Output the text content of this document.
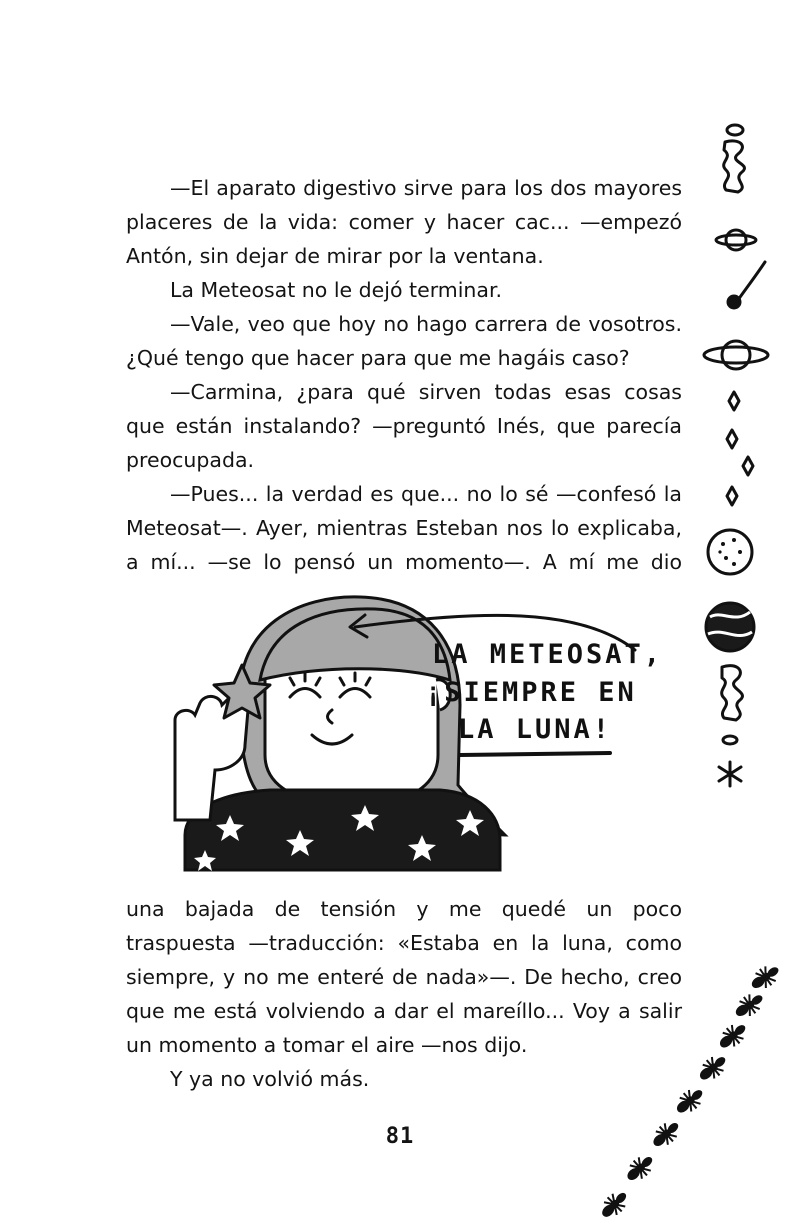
—El aparato digestivo sirve para los dos mayores placeres de la vida: comer y hacer cac... —empezó Antón, sin dejar de mirar por la ventana.

La Meteosat no le dejó terminar.

—Vale, veo que hoy no hago carrera de vosotros. ¿Qué tengo que hacer para que me hagáis caso?

—Carmina, ¿para qué sirven todas esas cosas que están instalando? —preguntó Inés, que parecía preocupada.

—Pues... la verdad es que... no lo sé —confesó la Meteosat—. Ayer, mientras Esteban nos lo explicaba, a mí... —se lo pensó un momento—. A mí me dio

LA METEOSAT,
¡SIEMPRE EN
LA LUNA!

una bajada de tensión y me quedé un poco traspuesta —traducción: «Estaba en la luna, como siempre, y no me enteré de nada»—. De hecho, creo que me está volviendo a dar el mareíllo... Voy a salir un momento a tomar el aire —nos dijo.

Y ya no volvió más.

81
